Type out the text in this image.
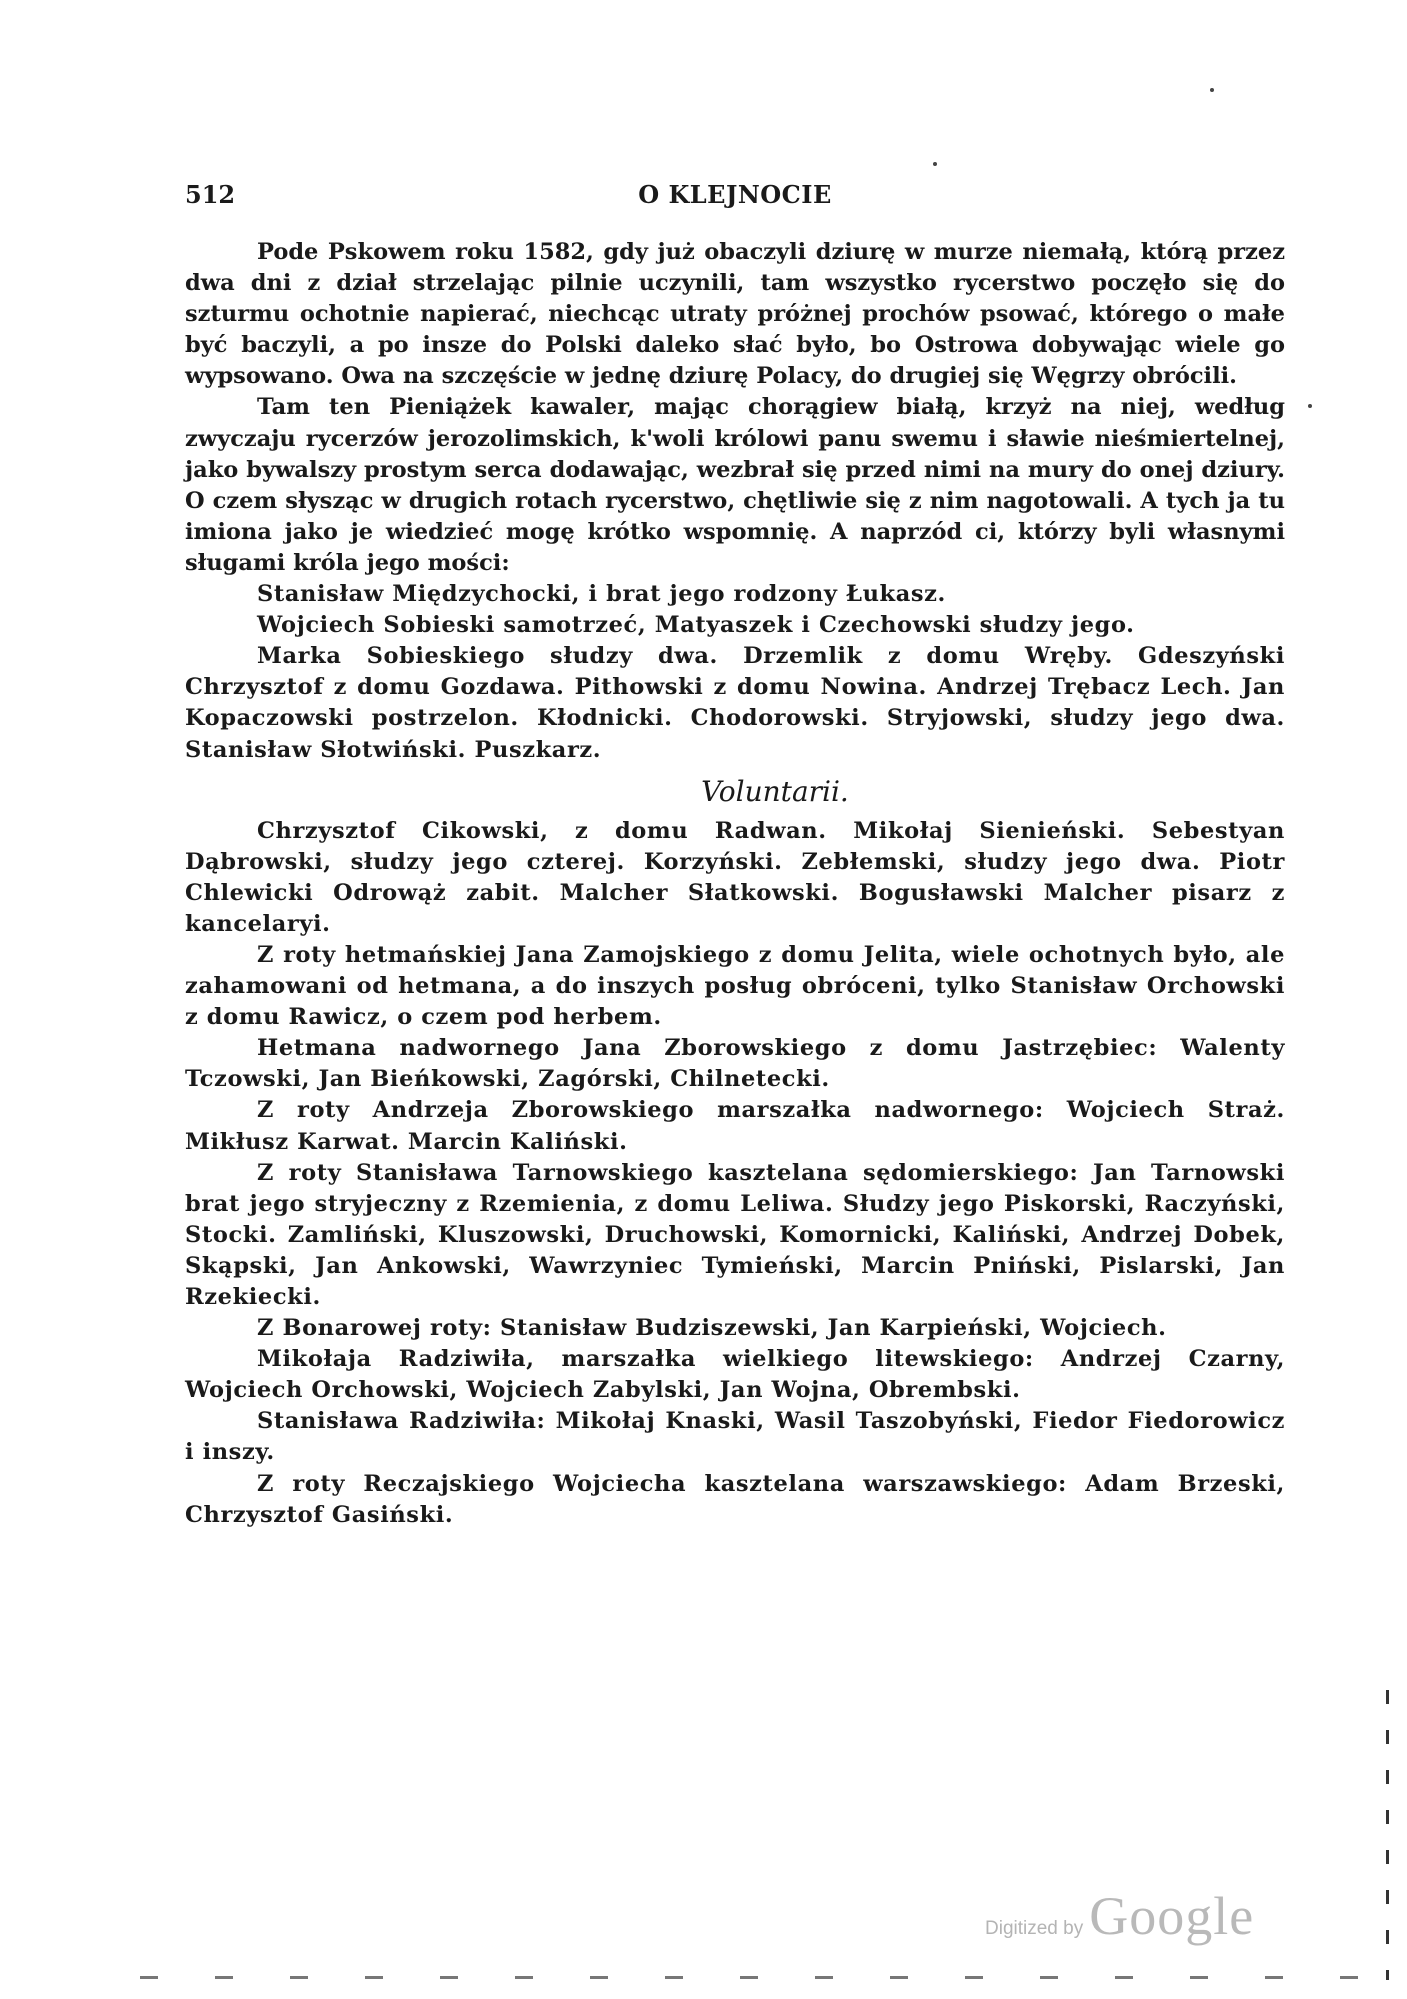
512	O KLEJNOCIE

Pode Pskowem roku 1582, gdy już obaczyli dziurę w murze niemałą, którą przez dwa dni z dział strzelając pilnie uczynili, tam wszystko rycerstwo poczęło się do szturmu ochotnie napierać, niechcąc utraty próżnej prochów psować, którego o małe być baczyli, a po insze do Polski daleko słać było, bo Ostrowa dobywając wiele go wypsowano. Owa na szczęście w jednę dziurę Polacy, do drugiej się Węgrzy obrócili.

Tam ten Pieniążek kawaler, mając chorągiew białą, krzyż na niej, według zwyczaju rycerzów jerozolimskich, k'woli królowi panu swemu i sławie nieśmiertelnej, jako bywalszy prostym serca dodawając, wezbrał się przed nimi na mury do onej dziury. O czem słysząc w drugich rotach rycerstwo, chętliwie się z nim nagotowali. A tych ja tu imiona jako je wiedzieć mogę krótko wspomnię. A naprzód ci, którzy byli własnymi sługami króla jego mości:

Stanisław Międzychocki, i brat jego rodzony Łukasz.

Wojciech Sobieski samotrzeć, Matyaszek i Czechowski słudzy jego.

Marka Sobieskiego słudzy dwa. Drzemlik z domu Wręby. Gdeszyński Chrzysztof z domu Gozdawa. Pithowski z domu Nowina. Andrzej Trębacz Lech. Jan Kopaczowski postrzelon. Kłodnicki. Chodorowski. Stryjowski, słudzy jego dwa. Stanisław Słotwiński. Puszkarz.

Voluntarii.

Chrzysztof Cikowski, z domu Radwan. Mikołaj Sienieński. Sebestyan Dąbrowski, słudzy jego czterej. Korzyński. Zebłemski, słudzy jego dwa. Piotr Chlewicki Odrowąż zabit. Malcher Słatkowski. Bogusławski Malcher pisarz z kancelaryi.

Z roty hetmańskiej Jana Zamojskiego z domu Jelita, wiele ochotnych było, ale zahamowani od hetmana, a do inszych posług obróceni, tylko Stanisław Orchowski z domu Rawicz, o czem pod herbem.

Hetmana nadwornego Jana Zborowskiego z domu Jastrzębiec: Walenty Tczowski, Jan Bieńkowski, Zagórski, Chilnetecki.

Z roty Andrzeja Zborowskiego marszałka nadwornego: Wojciech Straż. Mikłusz Karwat. Marcin Kaliński.

Z roty Stanisława Tarnowskiego kasztelana sędomierskiego: Jan Tarnowski brat jego stryjeczny z Rzemienia, z domu Leliwa. Słudzy jego Piskorski, Raczyński, Stocki. Zamliński, Kluszowski, Druchowski, Komornicki, Kaliński, Andrzej Dobek, Skąpski, Jan Ankowski, Wawrzyniec Tymieński, Marcin Pniński, Pislarski, Jan Rzekiecki.

Z Bonarowej roty: Stanisław Budziszewski, Jan Karpieński, Wojciech.

Mikołaja Radziwiła, marszałka wielkiego litewskiego: Andrzej Czarny, Wojciech Orchowski, Wojciech Zabylski, Jan Wojna, Obrembski.

Stanisława Radziwiła: Mikołaj Knaski, Wasil Taszobyński, Fiedor Fiedorowicz i inszy.

Z roty Reczajskiego Wojciecha kasztelana warszawskiego: Adam Brzeski, Chrzysztof Gasiński.

Digitized by Google
